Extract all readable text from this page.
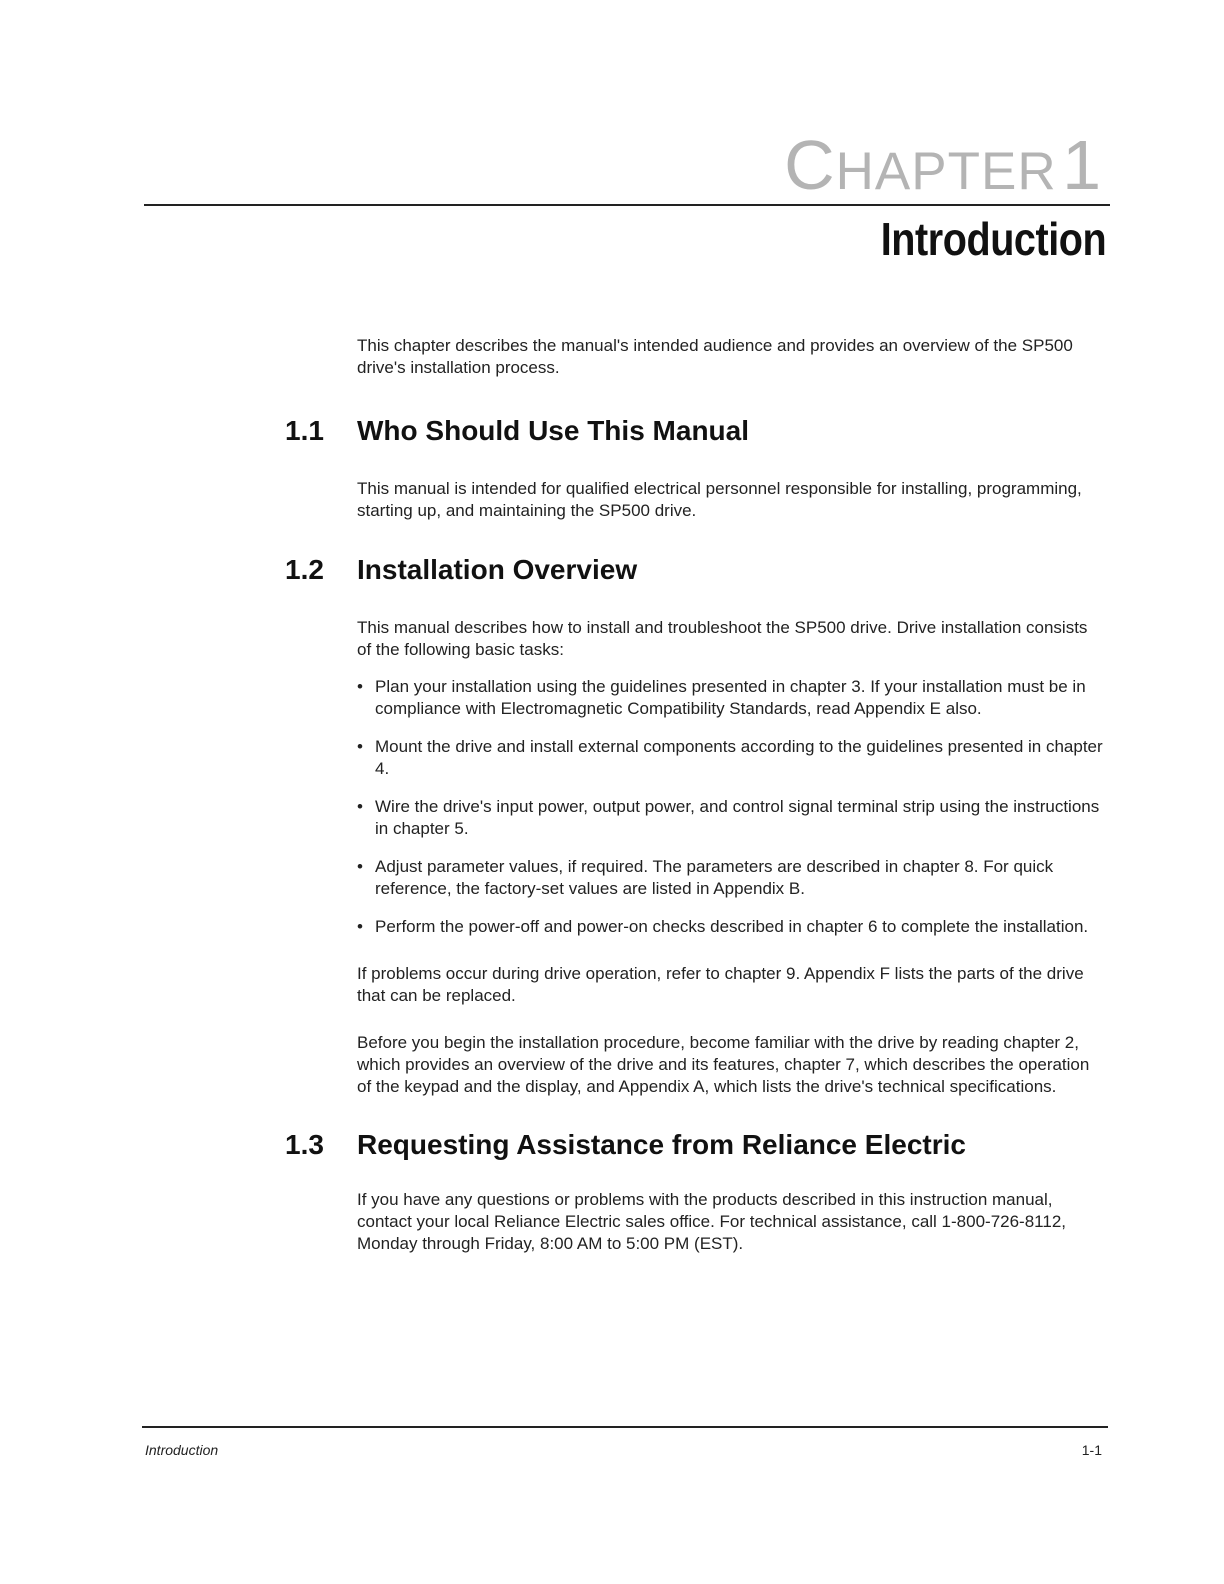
CHAPTER 1
Introduction

This chapter describes the manual's intended audience and provides an overview of the SP500 drive's installation process.

1.1 Who Should Use This Manual

This manual is intended for qualified electrical personnel responsible for installing, programming, starting up, and maintaining the SP500 drive.

1.2 Installation Overview

This manual describes how to install and troubleshoot the SP500 drive. Drive installation consists of the following basic tasks:

• Plan your installation using the guidelines presented in chapter 3. If your installation must be in compliance with Electromagnetic Compatibility Standards, read Appendix E also.
• Mount the drive and install external components according to the guidelines presented in chapter 4.
• Wire the drive's input power, output power, and control signal terminal strip using the instructions in chapter 5.
• Adjust parameter values, if required. The parameters are described in chapter 8. For quick reference, the factory-set values are listed in Appendix B.
• Perform the power-off and power-on checks described in chapter 6 to complete the installation.

If problems occur during drive operation, refer to chapter 9. Appendix F lists the parts of the drive that can be replaced.

Before you begin the installation procedure, become familiar with the drive by reading chapter 2, which provides an overview of the drive and its features, chapter 7, which describes the operation of the keypad and the display, and Appendix A, which lists the drive's technical specifications.

1.3 Requesting Assistance from Reliance Electric

If you have any questions or problems with the products described in this instruction manual, contact your local Reliance Electric sales office. For technical assistance, call 1-800-726-8112, Monday through Friday, 8:00 AM to 5:00 PM (EST).

Introduction	1-1
